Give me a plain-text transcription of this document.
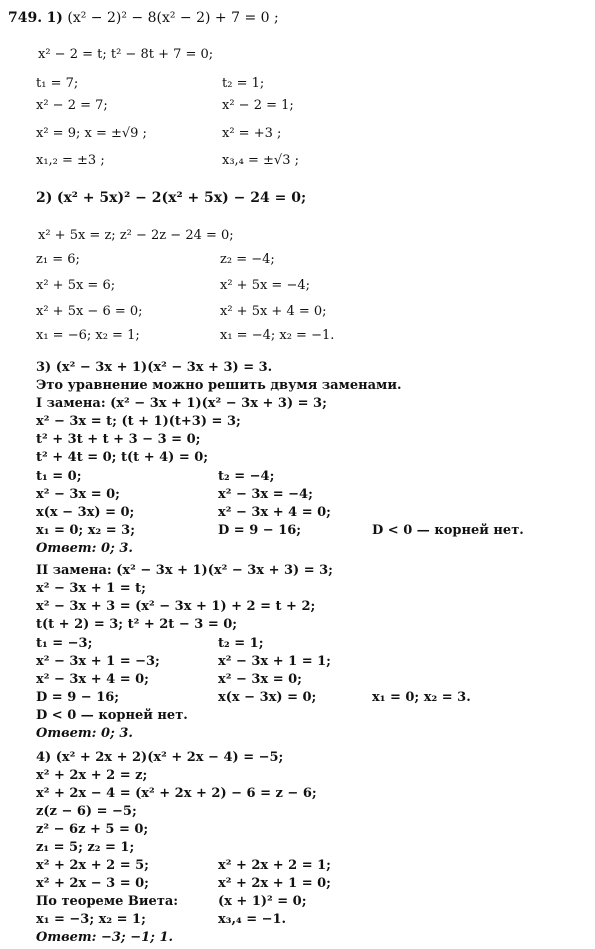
749. 1) (x² − 2)² − 8(x² − 2) + 7 = 0 ;
x² − 2 = t; t² − 8t + 7 = 0;
t₁ = 7;
x² − 2 = 7;
x² = 9; x = ±√9 ;
x₁,₂ = ±3 ;
t₂ = 1;
x² − 2 = 1;
x² = +3 ;
x₃,₄ = ±√3 ;
2) (x² + 5x)² − 2(x² + 5x) − 24 = 0;
x² + 5x = z; z² − 2z − 24 = 0;
z₁ = 6;
x² + 5x = 6;
x² + 5x − 6 = 0;
x₁ = −6; x₂ = 1;
z₂ = −4;
x² + 5x = −4;
x² + 5x + 4 = 0;
x₁ = −4; x₂ = −1.
3) (x² − 3x + 1)(x² − 3x + 3) = 3.
Это уравнение можно решить двумя заменами.
I замена: (x² − 3x + 1)(x² − 3x + 3) = 3;
x² − 3x = t; (t + 1)(t+3) = 3;
t² + 3t + t + 3 − 3 = 0;
t² + 4t = 0; t(t + 4) = 0;
t₁ = 0;
x² − 3x = 0;
x(x − 3x) = 0;
x₁ = 0; x₂ = 3;
t₂ = −4;
x² − 3x = −4;
x² − 3x + 4 = 0;
D = 9 − 16;	D < 0 — корней нет.
Ответ: 0; 3.
II замена: (x² − 3x + 1)(x² − 3x + 3) = 3;
x² − 3x + 1 = t;
x² − 3x + 3 = (x² − 3x + 1) + 2 = t + 2;
t(t + 2) = 3; t² + 2t − 3 = 0;
t₁ = −3;
x² − 3x + 1 = −3;
x² − 3x + 4 = 0;
D = 9 − 16;
D < 0 — корней нет.
t₂ = 1;
x² − 3x + 1 = 1;
x² − 3x = 0;
x(x − 3x) = 0;	x₁ = 0; x₂ = 3.
Ответ: 0; 3.
4) (x² + 2x + 2)(x² + 2x − 4) = −5;
x² + 2x + 2 = z;
x² + 2x − 4 = (x² + 2x + 2) − 6 = z − 6;
z(z − 6) = −5;
z² − 6z + 5 = 0;
z₁ = 5; z₂ = 1;
x² + 2x + 2 = 5;
x² + 2x − 3 = 0;
По теореме Виета:
x₁ = −3; x₂ = 1;
x² + 2x + 2 = 1;
x² + 2x + 1 = 0;
(x + 1)² = 0;
x₃,₄ = −1.
Ответ: −3; −1; 1.
